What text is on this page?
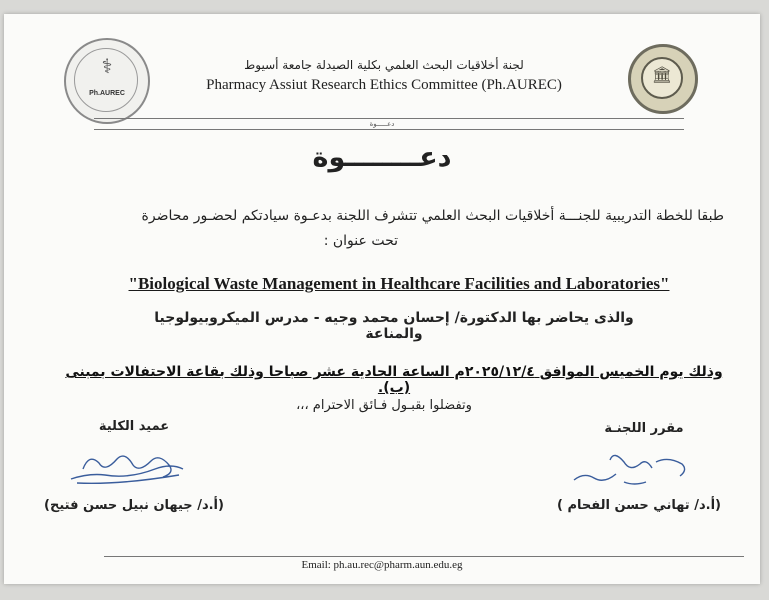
⚕
Ph.AUREC
لجنة أخلاقيات البحث العلمي بكلية الصيدلة جامعة أسيوط
Pharmacy Assiut Research Ethics Committee (Ph.AUREC)
🏛
دعـــــوة
دعــــــــوة
طبقا للخطة التدريبية للجنـــة أخلاقيات البحث العلمي تتشرف اللجنة بدعـوة سيادتكم لحضـور محاضرة
تحت عنوان :
"Biological Waste Management in Healthcare Facilities and Laboratories"
والذى يحاضر بها الدكتورة/ إحسان محمد وجيه - مدرس الميكروبيولوجيا والمناعة
وذلك يوم الخميس الموافق ٢٠٢٥/١٢/٤م الساعة الحادية عشر صباحا وذلك بقاعة الاحتفالات بمبنى (ب).
وتفضلوا بقبـول فـائق الاحترام ،،،
مقرر اللجنـة
(أ.د/ تهاني حسن الفحام )
عميد الكلية
(أ.د/ جيهان نبيل حسن فتيح)
Email: ph.au.rec@pharm.aun.edu.eg
